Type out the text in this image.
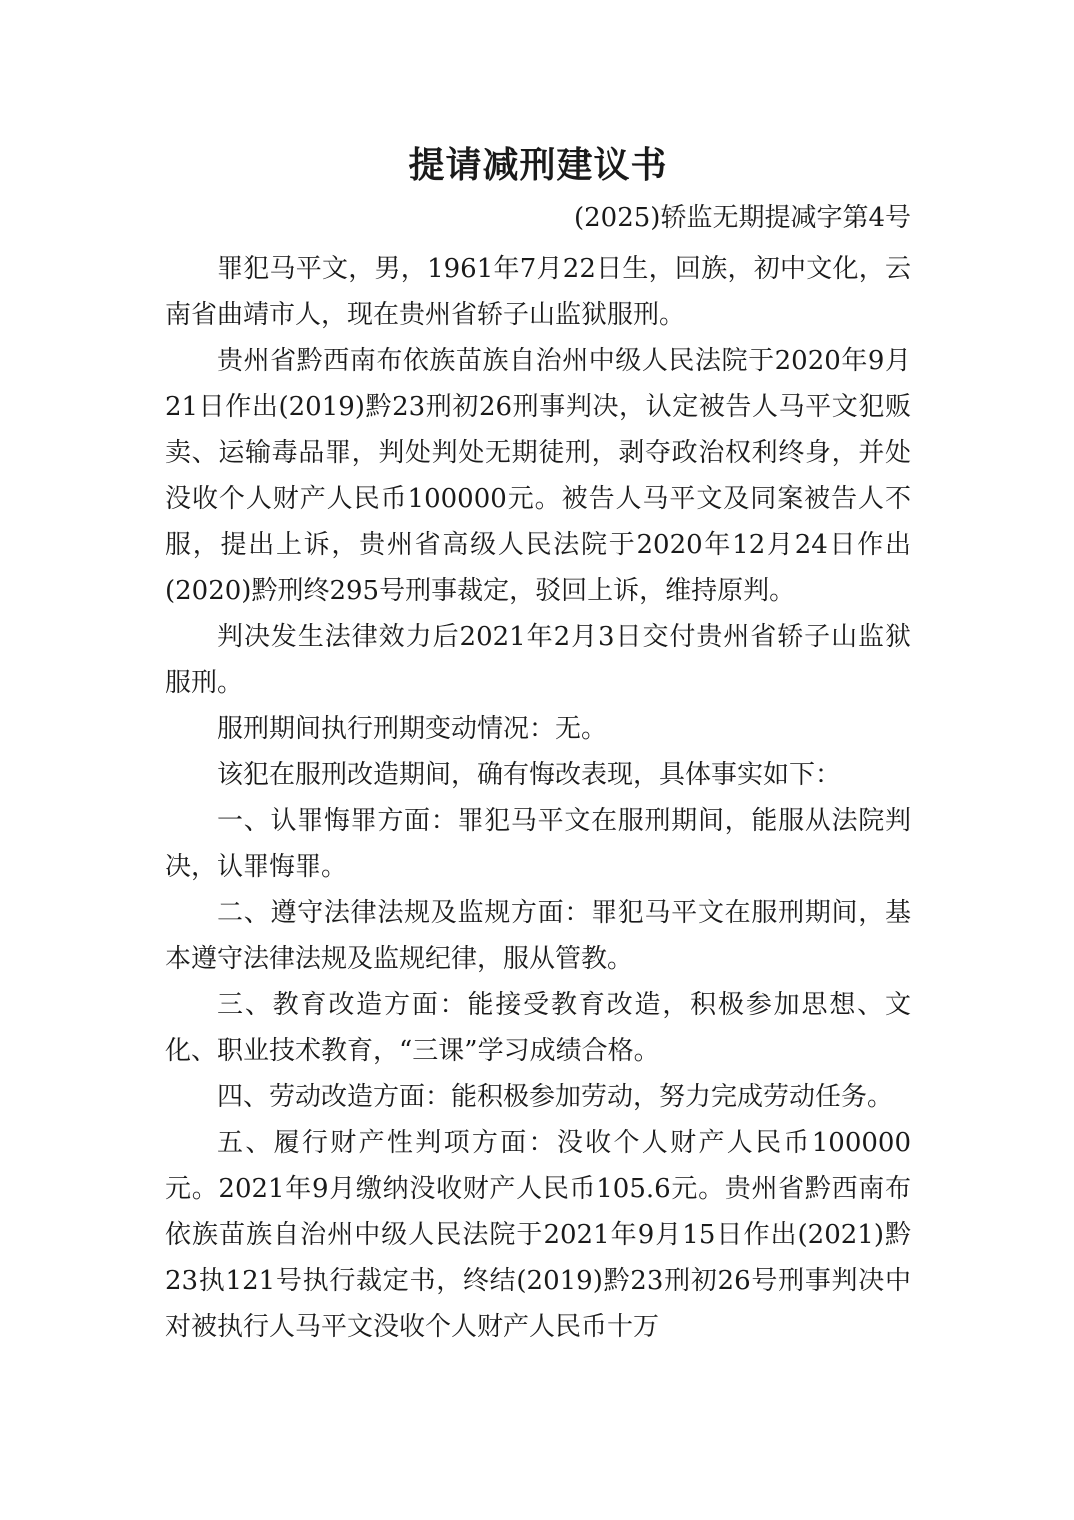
提请减刑建议书
(2025)轿监无期提减字第4号

罪犯马平文，男，1961年7月22日生，回族，初中文化，云南省曲靖市人，现在贵州省轿子山监狱服刑。

贵州省黔西南布依族苗族自治州中级人民法院于2020年9月21日作出(2019)黔23刑初26刑事判决，认定被告人马平文犯贩卖、运输毒品罪，判处判处无期徒刑，剥夺政治权利终身，并处没收个人财产人民币100000元。被告人马平文及同案被告人不服，提出上诉，贵州省高级人民法院于2020年12月24日作出(2020)黔刑终295号刑事裁定，驳回上诉，维持原判。

判决发生法律效力后2021年2月3日交付贵州省轿子山监狱服刑。

服刑期间执行刑期变动情况：无。

该犯在服刑改造期间，确有悔改表现，具体事实如下：

一、认罪悔罪方面：罪犯马平文在服刑期间，能服从法院判决，认罪悔罪。

二、遵守法律法规及监规方面：罪犯马平文在服刑期间，基本遵守法律法规及监规纪律，服从管教。

三、教育改造方面：能接受教育改造，积极参加思想、文化、职业技术教育，“三课”学习成绩合格。

四、劳动改造方面：能积极参加劳动，努力完成劳动任务。

五、履行财产性判项方面：没收个人财产人民币100000元。2021年9月缴纳没收财产人民币105.6元。贵州省黔西南布依族苗族自治州中级人民法院于2021年9月15日作出(2021)黔23执121号执行裁定书，终结(2019)黔23刑初26号刑事判决中对被执行人马平文没收个人财产人民币十万
